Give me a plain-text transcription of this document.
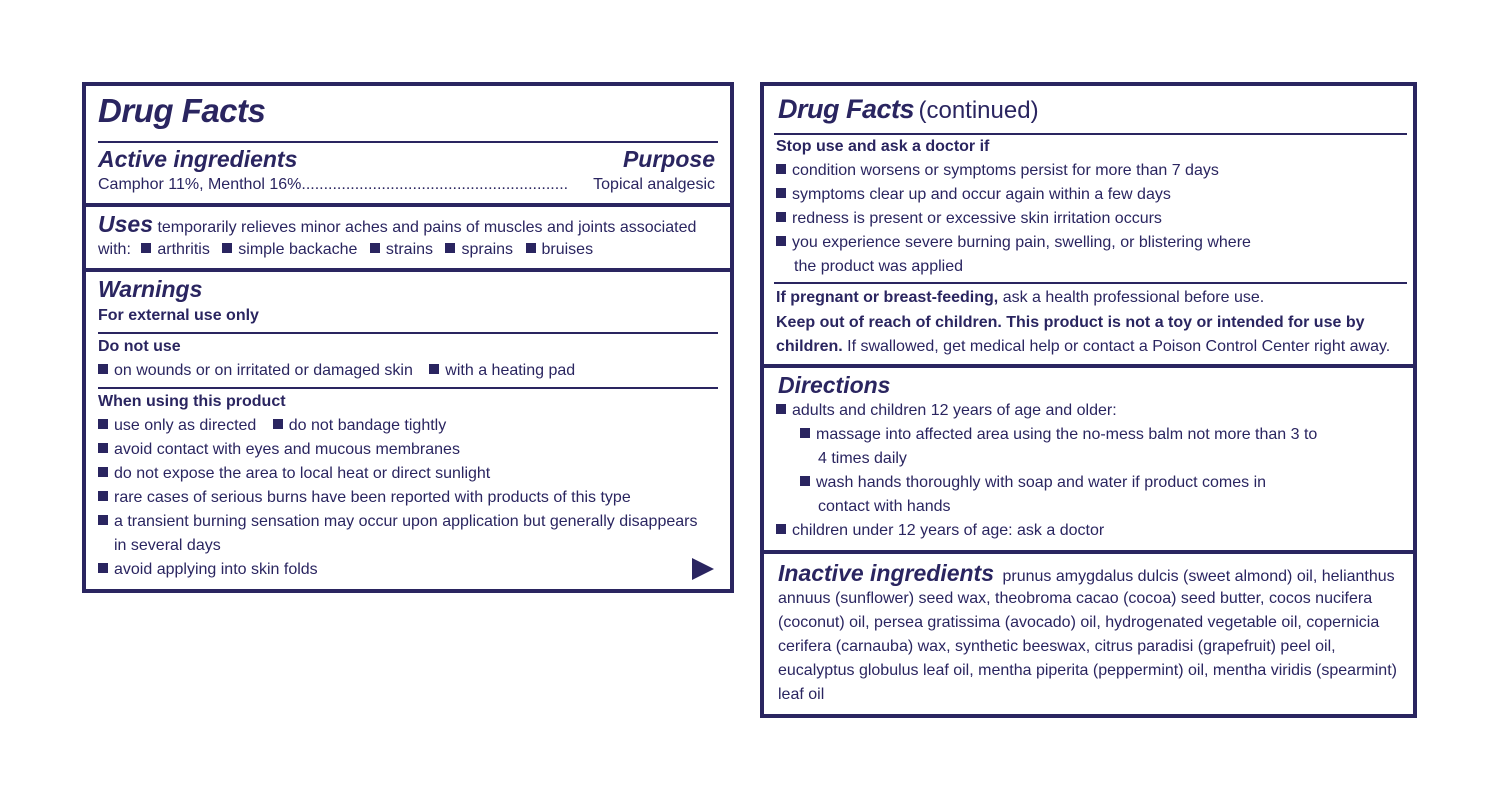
Drug Facts
Active ingredients	Purpose
Camphor 11%, Menthol 16%............................................................ Topical analgesic
Uses temporarily relieves minor aches and pains of muscles and joints associated
with: arthritis simple backache strains sprains bruises
Warnings
For external use only
Do not use
on wounds or on irritated or damaged skin with a heating pad
When using this product
use only as directed do not bandage tightly
avoid contact with eyes and mucous membranes
do not expose the area to local heat or direct sunlight
rare cases of serious burns have been reported with products of this type
a transient burning sensation may occur upon application but generally disappears
in several days
avoid applying into skin folds
Drug Facts (continued)
Stop use and ask a doctor if
condition worsens or symptoms persist for more than 7 days
symptoms clear up and occur again within a few days
redness is present or excessive skin irritation occurs
you experience severe burning pain, swelling, or blistering where
the product was applied
If pregnant or breast-feeding, ask a health professional before use.
Keep out of reach of children. This product is not a toy or intended for use by
children. If swallowed, get medical help or contact a Poison Control Center right away.
Directions
adults and children 12 years of age and older:
massage into affected area using the no-mess balm not more than 3 to
4 times daily
wash hands thoroughly with soap and water if product comes in
contact with hands
children under 12 years of age: ask a doctor
Inactive ingredients prunus amygdalus dulcis (sweet almond) oil, helianthus
annuus (sunflower) seed wax, theobroma cacao (cocoa) seed butter, cocos nucifera
(coconut) oil, persea gratissima (avocado) oil, hydrogenated vegetable oil, copernicia
cerifera (carnauba) wax, synthetic beeswax, citrus paradisi (grapefruit) peel oil,
eucalyptus globulus leaf oil, mentha piperita (peppermint) oil, mentha viridis (spearmint)
leaf oil
